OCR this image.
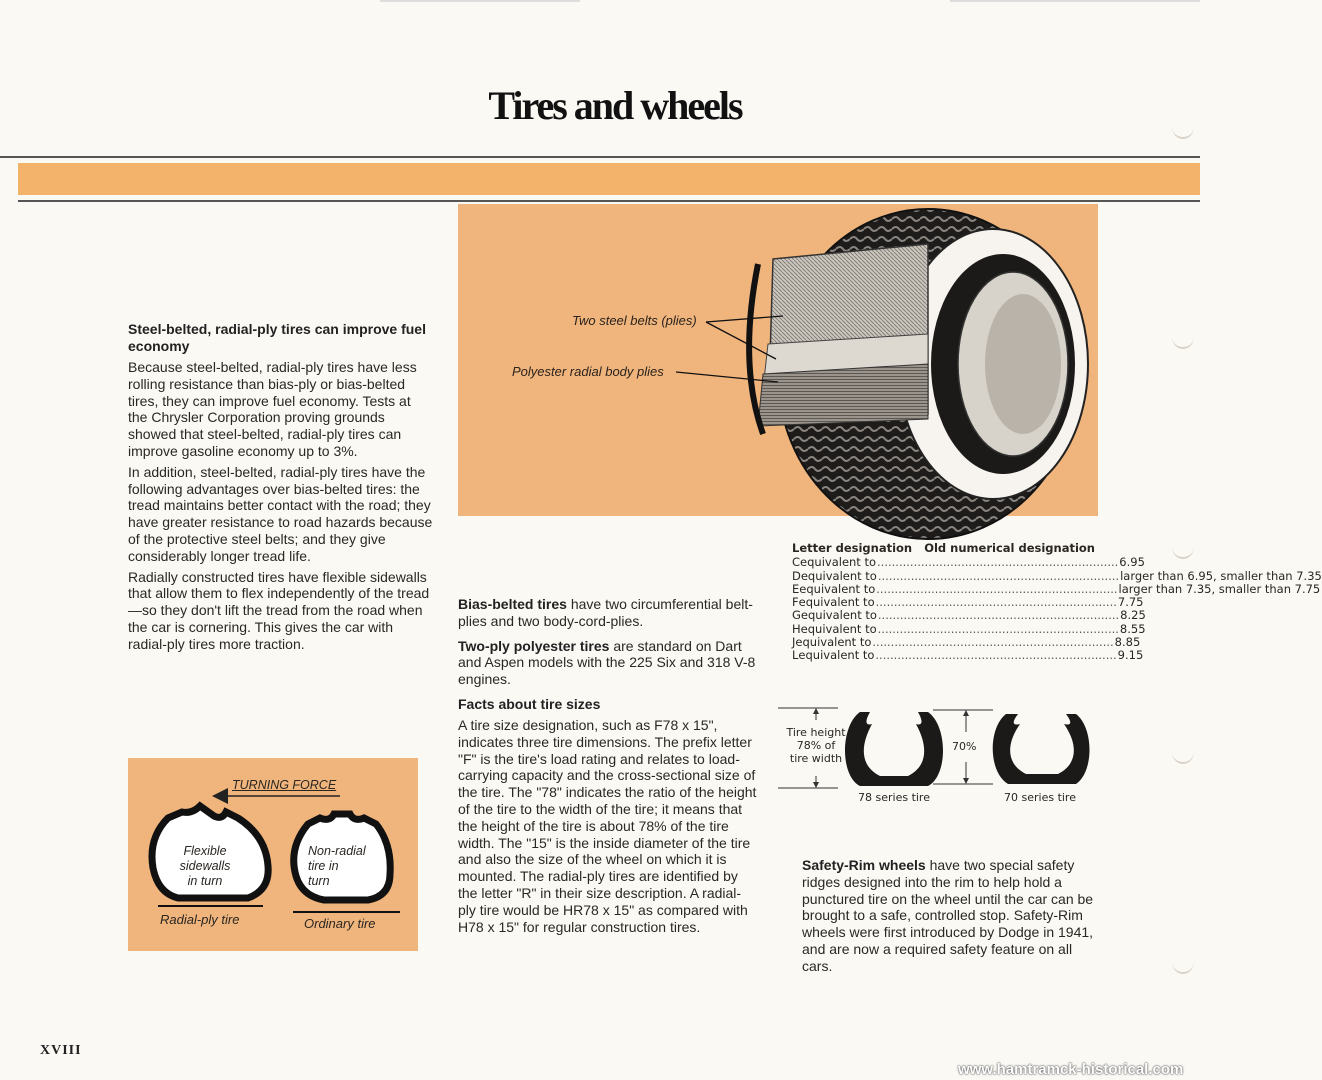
Tires and wheels

Steel-belted, radial-ply tires can improve fuel economy

Because steel-belted, radial-ply tires have less rolling resistance than bias-ply or bias-belted tires, they can improve fuel economy. Tests at the Chrysler Corporation proving grounds showed that steel-belted, radial-ply tires can improve gasoline economy up to 3%.

In addition, steel-belted, radial-ply tires have the following advantages over bias-belted tires: the tread maintains better contact with the road; they have greater resistance to road hazards because of the protective steel belts; and they give considerably longer tread life.

Radially constructed tires have flexible sidewalls that allow them to flex independently of the tread—so they don't lift the tread from the road when the car is cornering. This gives the car with radial-ply tires more traction.

Two steel belts (plies)
Polyester radial body plies

Bias-belted tires have two circumferential belt-plies and two body-cord-plies.

Two-ply polyester tires are standard on Dart and Aspen models with the 225 Six and 318 V-8 engines.

Facts about tire sizes

A tire size designation, such as F78 x 15", indicates three tire dimensions. The prefix letter "F" is the tire's load rating and relates to load-carrying capacity and the cross-sectional size of the tire. The "78" indicates the ratio of the height of the tire to the width of the tire; it means that the height of the tire is about 78% of the tire width. The "15" is the inside diameter of the tire and also the size of the wheel on which it is mounted. The radial-ply tires are identified by the letter "R" in their size description. A radial-ply tire would be HR78 x 15" as compared with H78 x 15" for regular construction tires.

Letter designation Old numerical designation
C equivalent to .................................................................. 6.95
D equivalent to .................................................................. larger than 6.95, smaller than 7.35
E equivalent to .................................................................. larger than 7.35, smaller than 7.75
F equivalent to .................................................................. 7.75
G equivalent to .................................................................. 8.25
H equivalent to .................................................................. 8.55
J equivalent to .................................................................. 8.85
L equivalent to .................................................................. 9.15
Tire height
78% of
tire width
70%
78 series tire	70 series tire

Safety-Rim wheels have two special safety ridges designed into the rim to help hold a punctured tire on the wheel until the car can be brought to a safe, controlled stop. Safety-Rim wheels were first introduced by Dodge in 1941, and are now a required safety feature on all cars.

TURNING FORCE
Flexible
sidewalls
in turn
Radial-ply tire
Non-radial
tire in
turn
Ordinary tire
XVIII
www.hamtramck-historical.com
